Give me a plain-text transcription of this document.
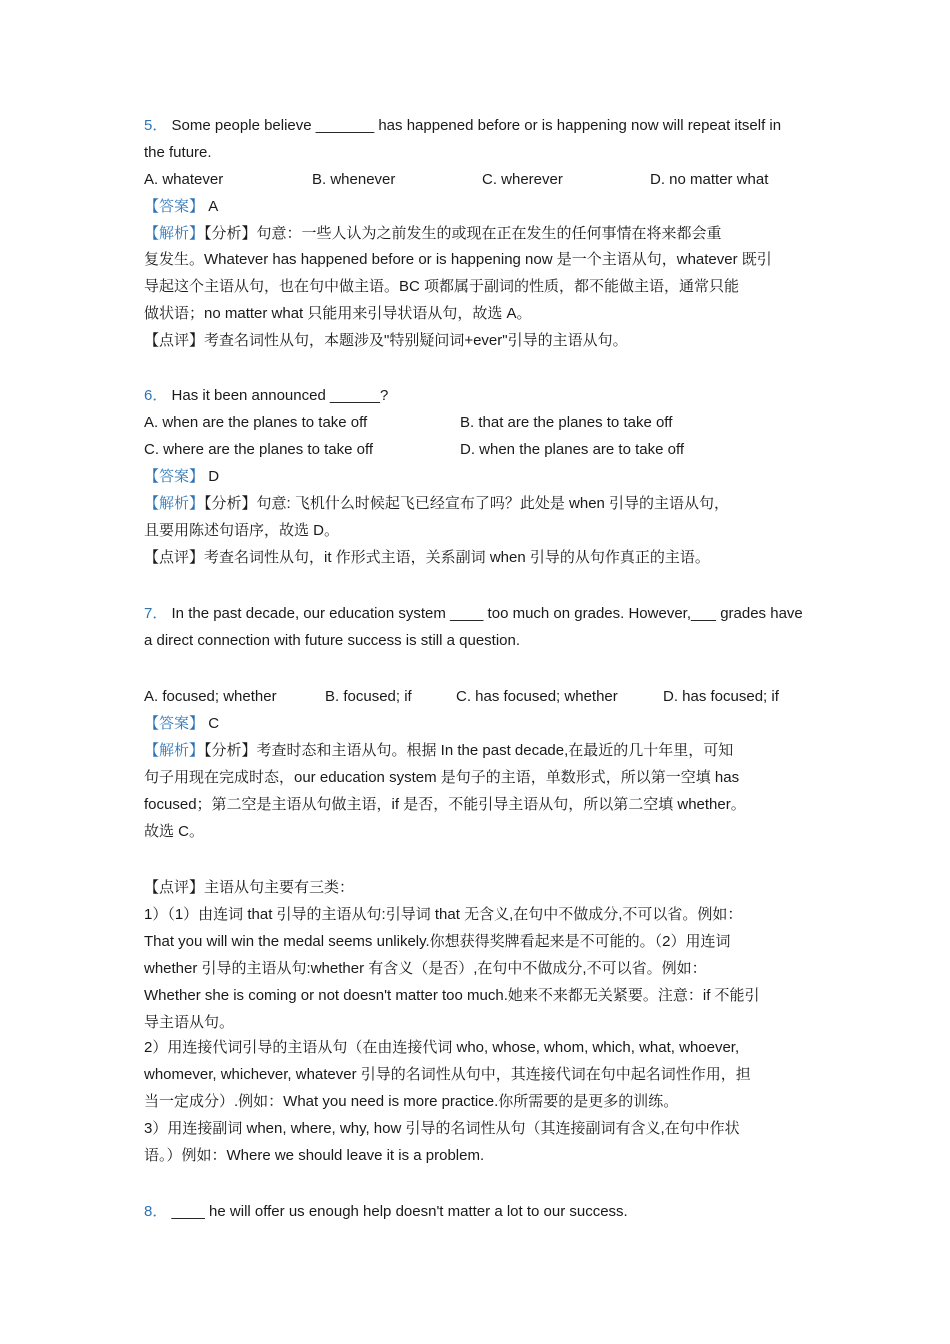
5． Some people believe _______ has happened before or is happening now will repeat itself in
the future.
A. whatever	B. whenever	C. wherever	D. no matter what
【答案】 A
【解析】【分析】句意：一些人认为之前发生的或现在正在发生的任何事情在将来都会重
复发生。Whatever has happened before or is happening now 是一个主语从句，whatever 既引
导起这个主语从句，也在句中做主语。BC 项都属于副词的性质，都不能做主语，通常只能
做状语；no matter what 只能用来引导状语从句，故选 A。
【点评】考查名词性从句，本题涉及"特别疑问词+ever"引导的主语从句。
6． Has it been announced ______?
A. when are the planes to take off	B. that are the planes to take off
C. where are the planes to take off	D. when the planes are to take off
【答案】 D
【解析】【分析】句意: 飞机什么时候起飞已经宣布了吗？此处是 when 引导的主语从句，
且要用陈述句语序，故选 D。
【点评】考查名词性从句，it 作形式主语，关系副词 when 引导的从句作真正的主语。
7． In the past decade, our education system ____ too much on grades. However,___ grades have
a direct connection with future success is still a question.
A. focused; whether	B. focused; if	C. has focused; whether	D. has focused; if
【答案】 C
【解析】【分析】考查时态和主语从句。根据 In the past decade,在最近的几十年里，可知
句子用现在完成时态，our education system 是句子的主语，单数形式，所以第一空填 has
focused；第二空是主语从句做主语，if 是否，不能引导主语从句，所以第二空填 whether。
故选 C。
【点评】主语从句主要有三类：
1）（1）由连词 that 引导的主语从句:引导词 that 无含义,在句中不做成分,不可以省。例如：
That you will win the medal seems unlikely.你想获得奖牌看起来是不可能的。（2）用连词
whether 引导的主语从句:whether 有含义（是否）,在句中不做成分,不可以省。例如：
Whether she is coming or not doesn't matter too much.她来不来都无关紧要。注意：if 不能引
导主语从句。
2）用连接代词引导的主语从句（在由连接代词 who, whose, whom, which, what, whoever,
whomever, whichever, whatever 引导的名词性从句中，其连接代词在句中起名词性作用，担
当一定成分）.例如：What you need is more practice.你所需要的是更多的训练。
3）用连接副词 when, where, why, how 引导的名词性从句（其连接副词有含义,在句中作状
语。）例如：Where we should leave it is a problem.
8． ____ he will offer us enough help doesn't matter a lot to our success.
